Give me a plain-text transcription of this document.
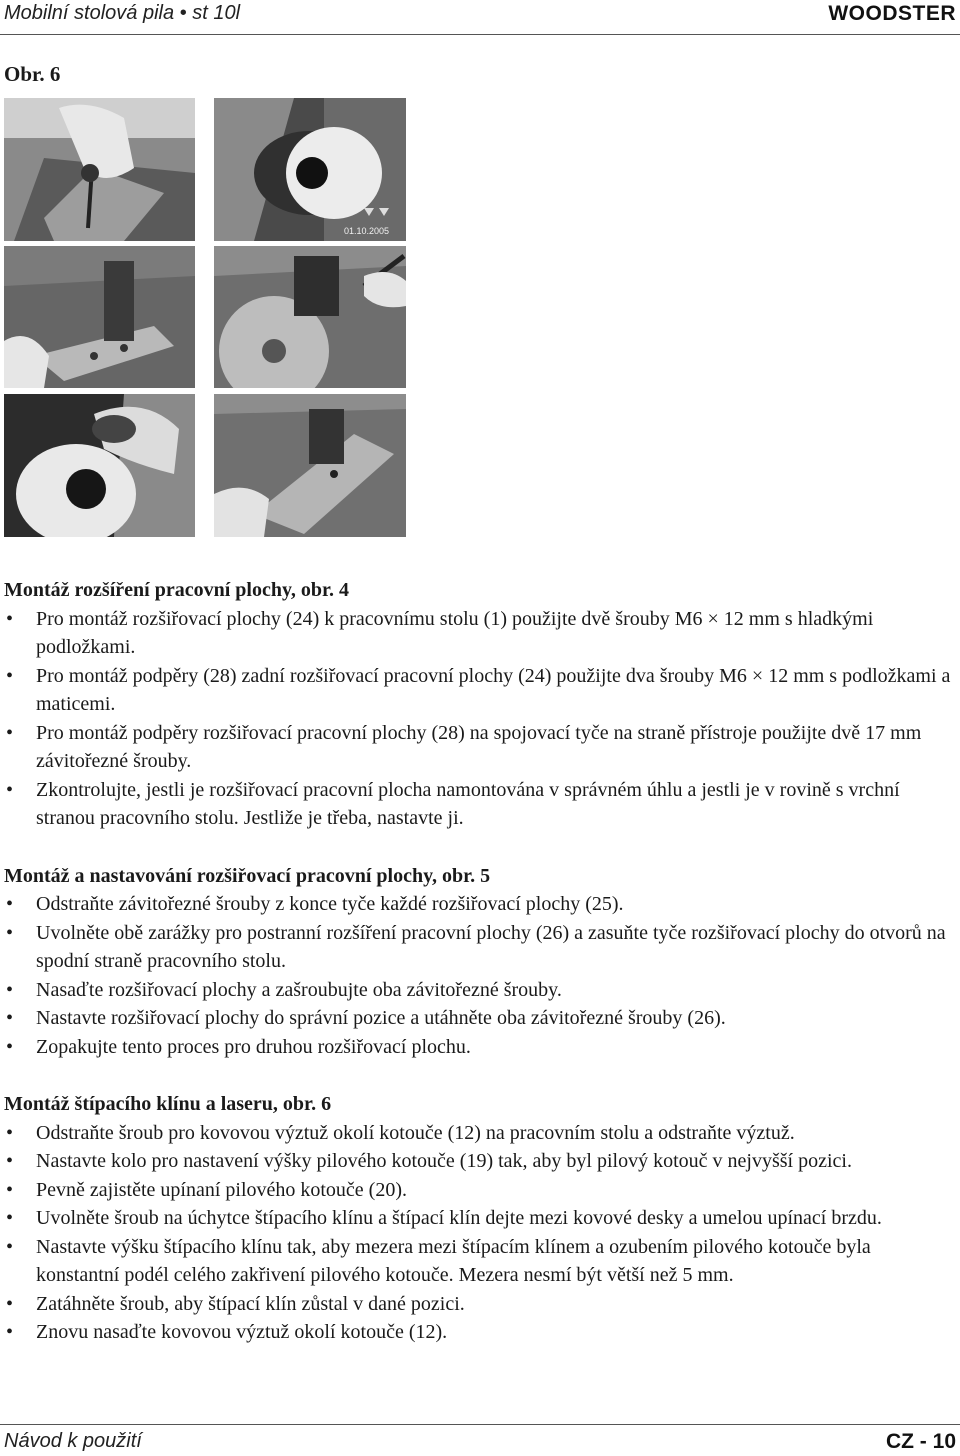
Mobilní stolová pila • st 10l	WOODSTER
Obr. 6
01.10.2005

Montáž rozšíření pracovní plochy, obr. 4

• Pro montáž rozšiřovací plochy (24) k pracovnímu stolu (1) použijte dvě šrouby M6 × 12 mm s hladkými podložkami.
• Pro montáž podpěry (28) zadní rozšiřovací pracovní plochy (24) použijte dva šrouby M6 × 12 mm s podložkami a maticemi.
• Pro montáž podpěry rozšiřovací pracovní plochy (28) na spojovací tyče na straně přístroje použijte dvě 17 mm závitořezné šrouby.
• Zkontrolujte, jestli je rozšiřovací pracovní plocha namontována v správném úhlu a jestli je v rovině s vrchní stranou pracovního stolu. Jestliže je třeba, nastavte ji.

Montáž a nastavování rozšiřovací pracovní plochy, obr. 5

• Odstraňte závitořezné šrouby z konce tyče každé rozšiřovací plochy (25).
• Uvolněte obě zarážky pro postranní rozšíření pracovní plochy (26) a zasuňte tyče rozšiřovací plochy do otvorů na spodní straně pracovního stolu.
• Nasaďte rozšiřovací plochy a zašroubujte oba závitořezné šrouby.
• Nastavte rozšiřovací plochy do správní pozice a utáhněte oba závitořezné šrouby (26).
• Zopakujte tento proces pro druhou rozšiřovací plochu.

Montáž štípacího klínu a laseru, obr. 6

• Odstraňte šroub pro kovovou výztuž okolí kotouče (12) na pracovním stolu a odstraňte výztuž.
• Nastavte kolo pro nastavení výšky pilového kotouče (19) tak, aby byl pilový kotouč v nejvyšší pozici.
• Pevně zajistěte upínaní pilového kotouče (20).
• Uvolněte šroub na úchytce štípacího klínu a štípací klín dejte mezi kovové desky a umelou upínací brzdu.
• Nastavte výšku štípacího klínu tak, aby mezera mezi štípacím klínem a ozubením pilového kotouče byla konstantní podél celého zakřivení pilového kotouče. Mezera nesmí být větší než 5 mm.
• Zatáhněte šroub, aby štípací klín zůstal v dané pozici.
• Znovu nasaďte kovovou výztuž okolí kotouče (12).
Návod k použití	CZ - 10
